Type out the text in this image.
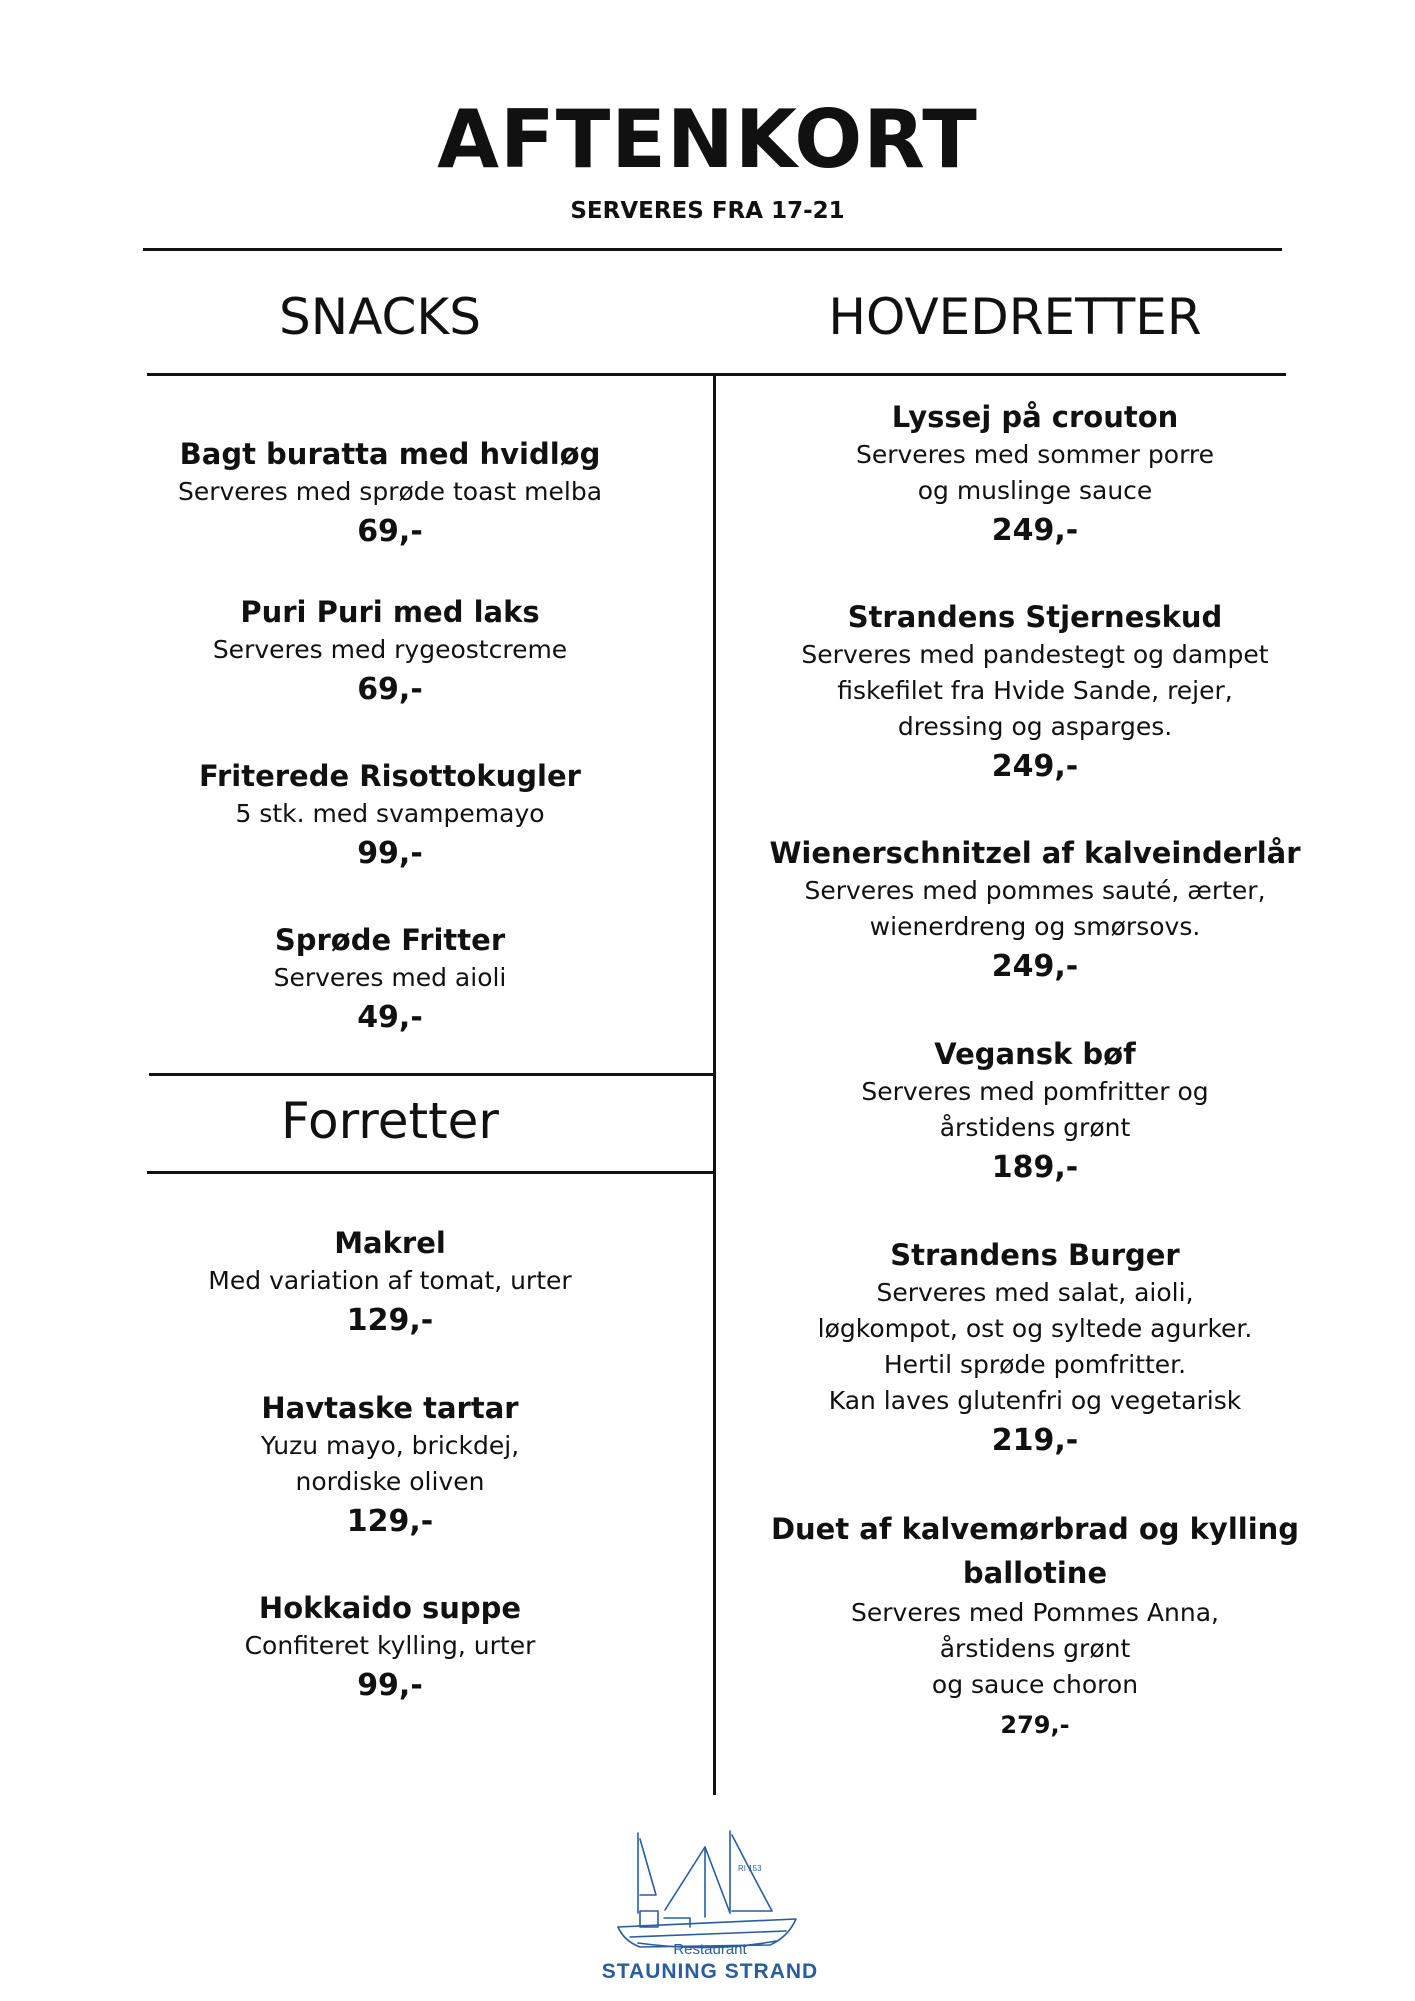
AFTENKORT
SERVERES FRA 17-21
SNACKS	HOVEDRETTER
Forretter
Bagt buratta med hvidløg
Serveres med sprøde toast melba
69,-
Puri Puri med laks
Serveres med rygeostcreme
69,-
Friterede Risottokugler
5 stk. med svampemayo
99,-
Sprøde Fritter
Serveres med aioli
49,-
Makrel
Med variation af tomat, urter
129,-
Havtaske tartar
Yuzu mayo, brickdej,
nordiske oliven
129,-
Hokkaido suppe
Confiteret kylling, urter
99,-
Lyssej på crouton
Serveres med sommer porre
og muslinge sauce
249,-
Strandens Stjerneskud
Serveres med pandestegt og dampet
fiskefilet fra Hvide Sande, rejer,
dressing og asparges.
249,-
Wienerschnitzel af kalveinderlår
Serveres med pommes sauté, ærter,
wienerdreng og smørsovs.
249,-
Vegansk bøf
Serveres med pomfritter og
årstidens grønt
189,-
Strandens Burger
Serveres med salat, aioli,
løgkompot, ost og syltede agurker.
Hertil sprøde pomfritter.
Kan laves glutenfri og vegetarisk
219,-
Duet af kalvemørbrad og kylling
ballotine
Serveres med Pommes Anna,
årstidens grønt
og sauce choron
279,-
RI 153
Restaurant
STAUNING STRAND
